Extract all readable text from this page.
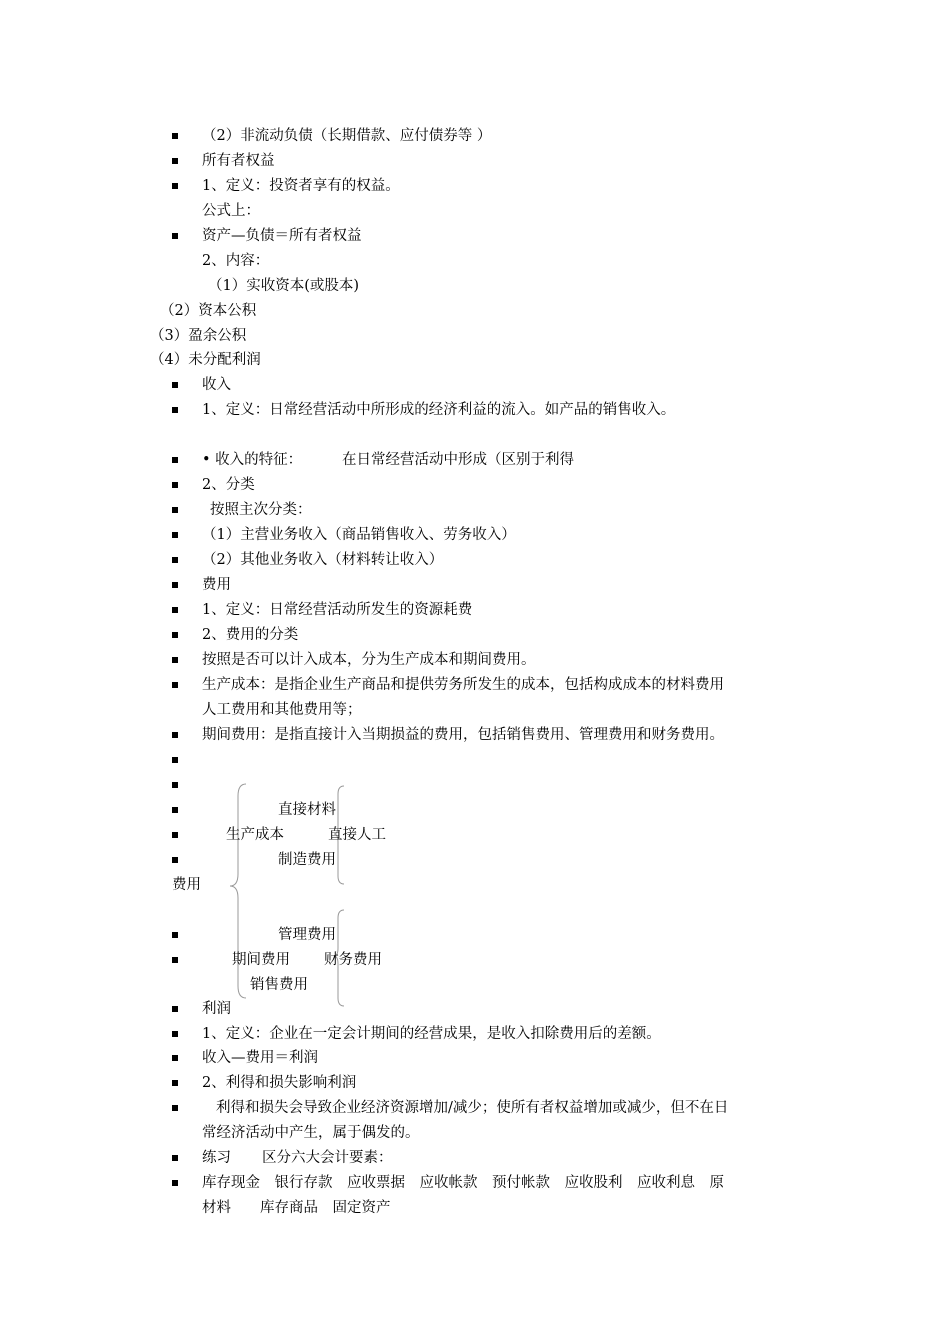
（2）非流动负债（长期借款、应付债券等 ）
所有者权益
1、定义：投资者享有的权益。
公式上：
资产—负债＝所有者权益
2、内容：
（1）实收资本(或股本)
（2）资本公积
（3）盈余公积
（4）未分配利润
收入
1、定义：日常经营活动中所形成的经济利益的流入。如产品的销售收入。
• 收入的特征：	在日常经营活动中形成（区别于利得
2、分类
按照主次分类：
（1）主营业务收入（商品销售收入、劳务收入）
（2）其他业务收入（材料转让收入）
费用
1、定义：日常经营活动所发生的资源耗费
2、费用的分类
按照是否可以计入成本，分为生产成本和期间费用。
生产成本：是指企业生产商品和提供劳务所发生的成本，包括构成成本的材料费用
人工费用和其他费用等；
期间费用：是指直接计入当期损益的费用，包括销售费用、管理费用和财务费用。
直接材料
生产成本	直接人工
制造费用
费用
管理费用
期间费用 财务费用
销售费用
利润
1、定义：企业在一定会计期间的经营成果，是收入扣除费用后的差额。
收入—费用＝利润
2、利得和损失影响利润
利得和损失会导致企业经济资源增加/减少；使所有者权益增加或减少，但不在日
常经济活动中产生，属于偶发的。
练习 区分六大会计要素：
库存现金　银行存款　应收票据　应收帐款　预付帐款　应收股利　应收利息　原
材料　　库存商品　固定资产
